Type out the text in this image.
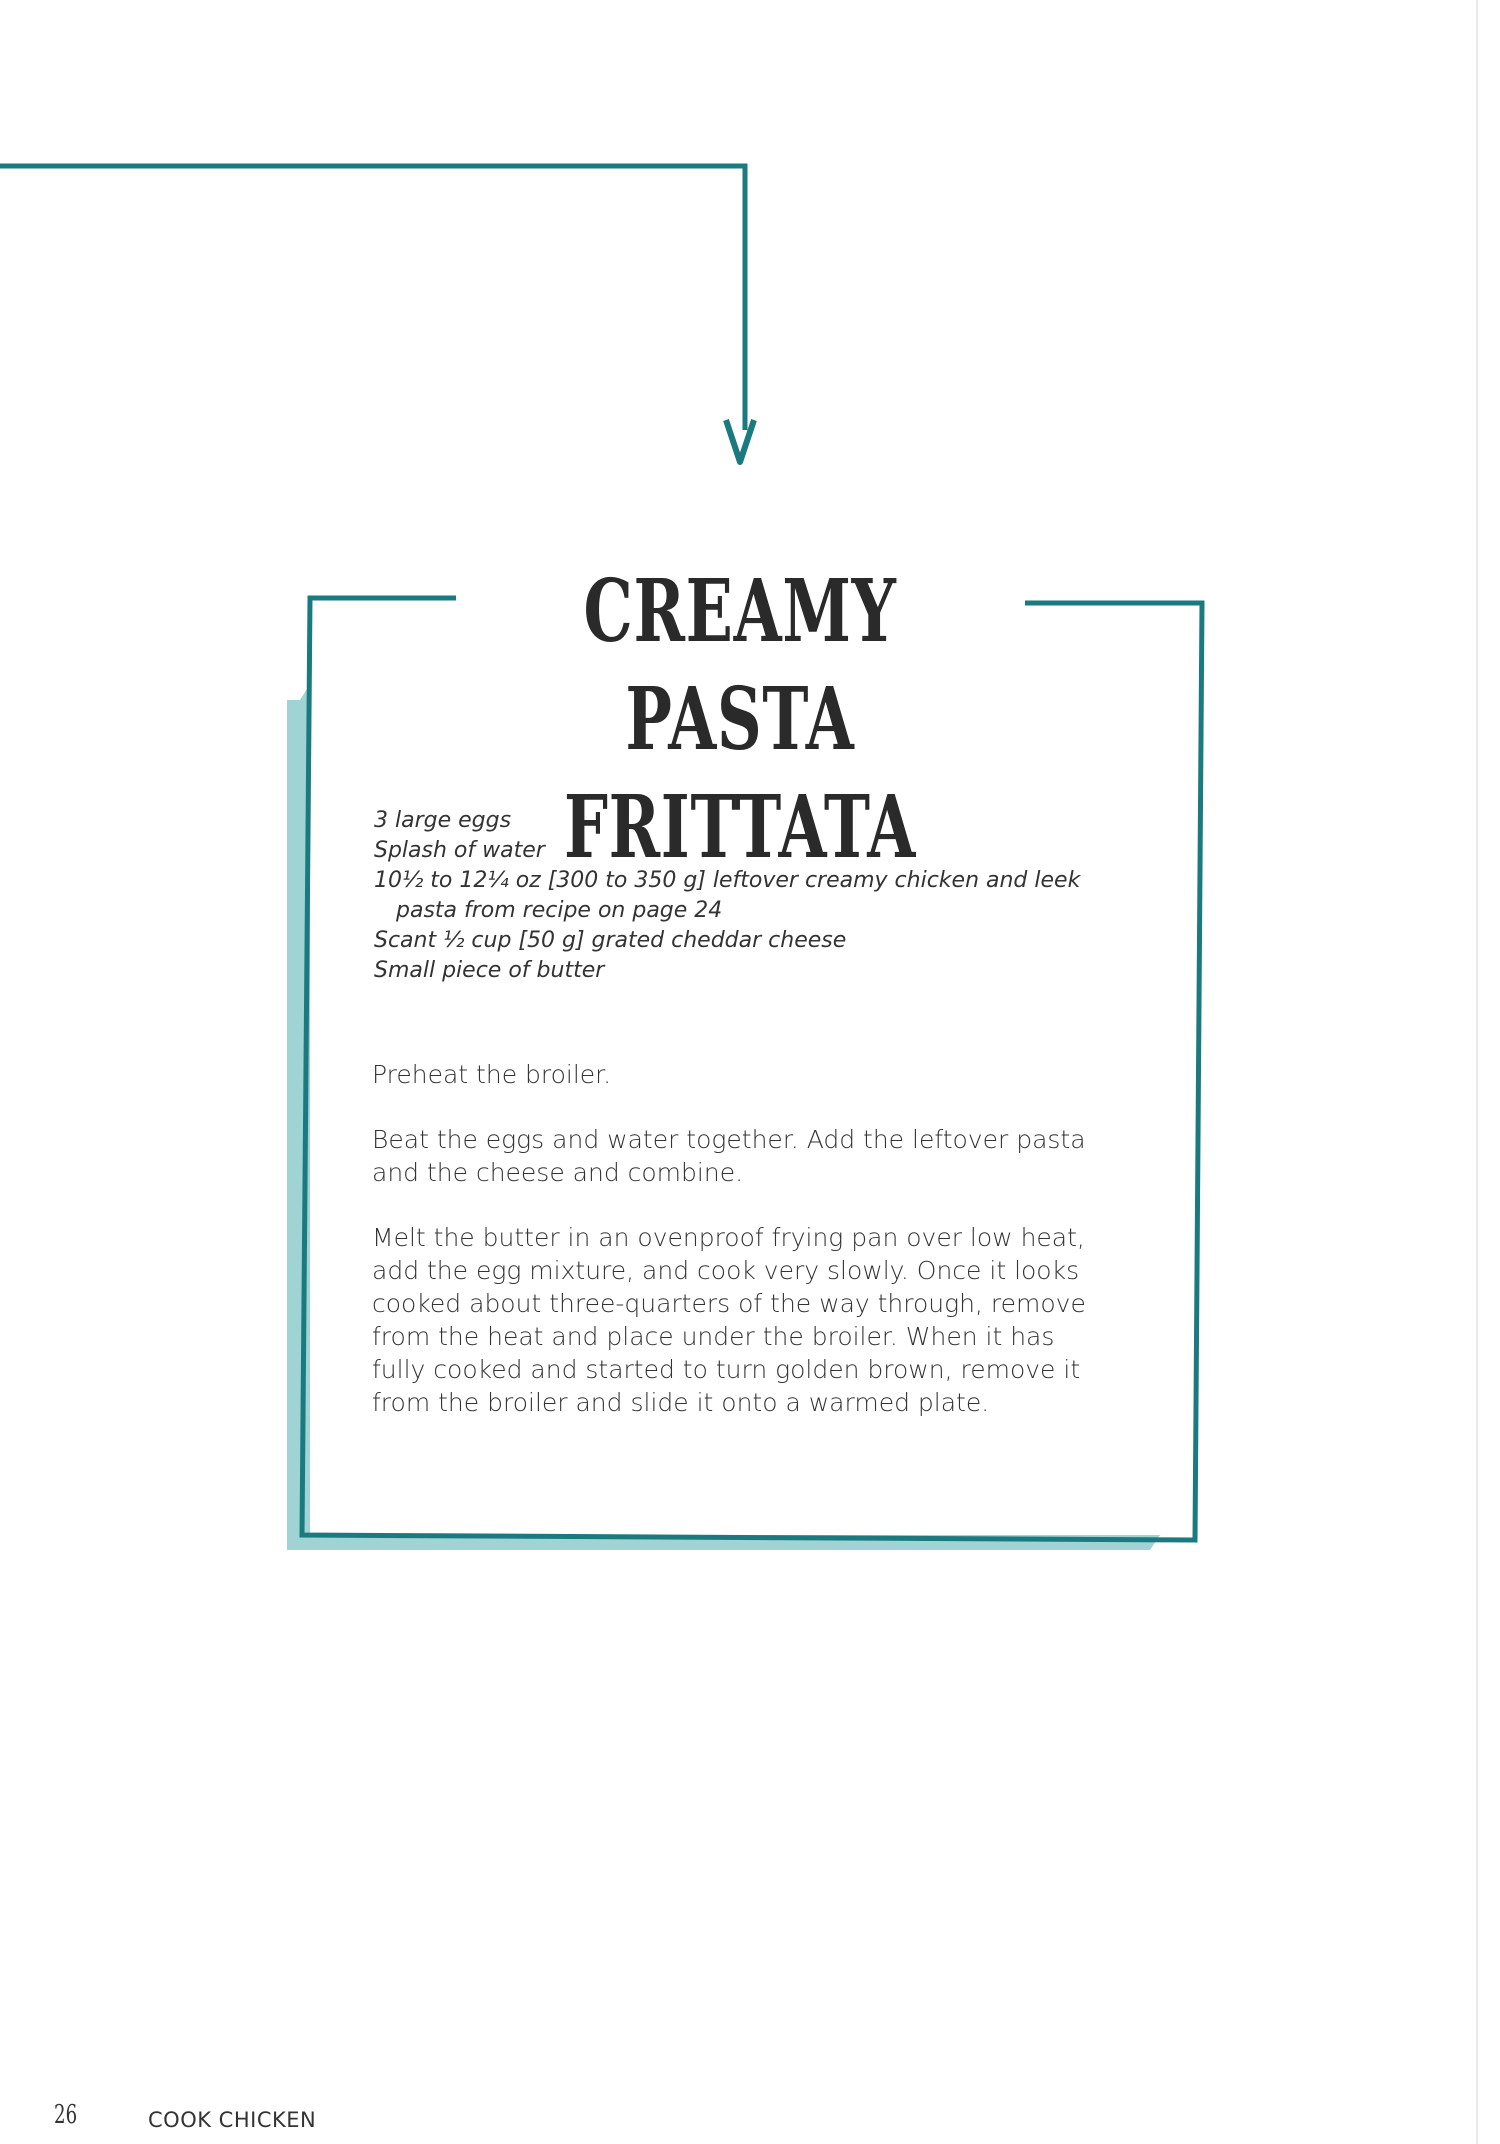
CREAMY PASTA
FRITTATA

3 large eggs

Splash of water

10½ to 12¼ oz [300 to 350 g] leftover creamy chicken and leek pasta from recipe on page 24

Scant ½ cup [50 g] grated cheddar cheese

Small piece of butter

Preheat the broiler.

Beat the eggs and water together. Add the leftover pasta and the cheese and combine.

Melt the butter in an ovenproof frying pan over low heat, add the egg mixture, and cook very slowly. Once it looks cooked about three-quarters of the way through, remove from the heat and place under the broiler. When it has fully cooked and started to turn golden brown, remove it from the broiler and slide it onto a warmed plate.

26	COOK CHICKEN
